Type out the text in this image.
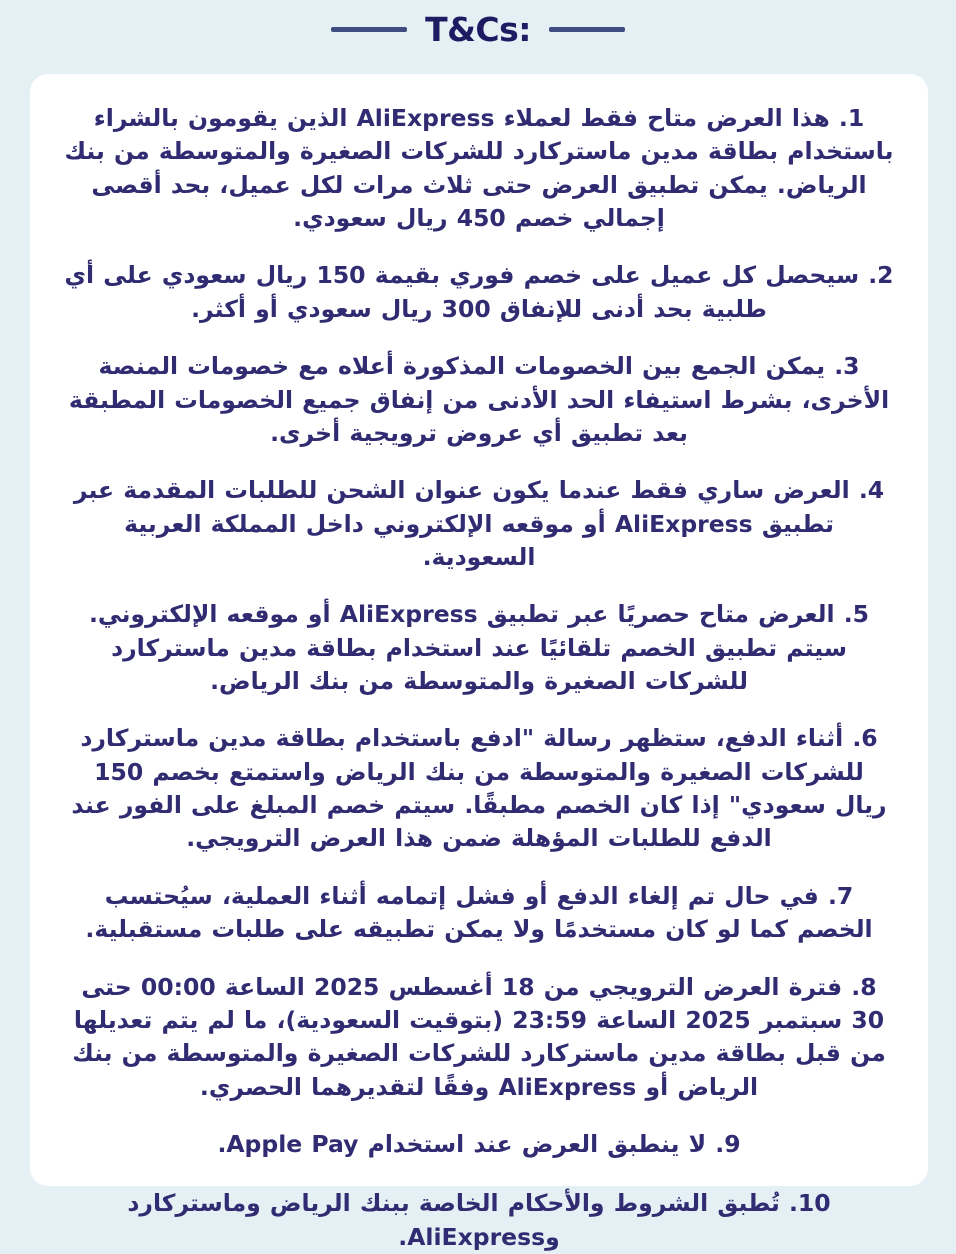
T&Cs:
1. هذا العرض متاح فقط لعملاء AliExpress الذين يقومون بالشراء باستخدام بطاقة مدين ماستركارد للشركات الصغيرة والمتوسطة من بنك الرياض. يمكن تطبيق العرض حتى ثلاث مرات لكل عميل، بحد أقصى إجمالي خصم 450 ريال سعودي.
2. سيحصل كل عميل على خصم فوري بقيمة 150 ريال سعودي على أي طلبية بحد أدنى للإنفاق 300 ريال سعودي أو أكثر.
3. يمكن الجمع بين الخصومات المذكورة أعلاه مع خصومات المنصة الأخرى، بشرط استيفاء الحد الأدنى من إنفاق جميع الخصومات المطبقة بعد تطبيق أي عروض ترويجية أخرى.
4. العرض ساري فقط عندما يكون عنوان الشحن للطلبات المقدمة عبر تطبيق AliExpress أو موقعه الإلكتروني داخل المملكة العربية السعودية.
5. العرض متاح حصريًا عبر تطبيق AliExpress أو موقعه الإلكتروني. سيتم تطبيق الخصم تلقائيًا عند استخدام بطاقة مدين ماستركارد للشركات الصغيرة والمتوسطة من بنك الرياض.
6. أثناء الدفع، ستظهر رسالة "ادفع باستخدام بطاقة مدين ماستركارد للشركات الصغيرة والمتوسطة من بنك الرياض واستمتع بخصم 150 ريال سعودي" إذا كان الخصم مطبقًا. سيتم خصم المبلغ على الفور عند الدفع للطلبات المؤهلة ضمن هذا العرض الترويجي.
7. في حال تم إلغاء الدفع أو فشل إتمامه أثناء العملية، سيُحتسب الخصم كما لو كان مستخدمًا ولا يمكن تطبيقه على طلبات مستقبلية.
8. فترة العرض الترويجي من 18 أغسطس 2025 الساعة 00:00 حتى 30 سبتمبر 2025 الساعة 23:59 (بتوقيت السعودية)، ما لم يتم تعديلها من قبل بطاقة مدين ماستركارد للشركات الصغيرة والمتوسطة من بنك الرياض أو AliExpress وفقًا لتقديرهما الحصري.
9. لا ينطبق العرض عند استخدام Apple Pay.
10. تُطبق الشروط والأحكام الخاصة ببنك الرياض وماستركارد وAliExpress.
